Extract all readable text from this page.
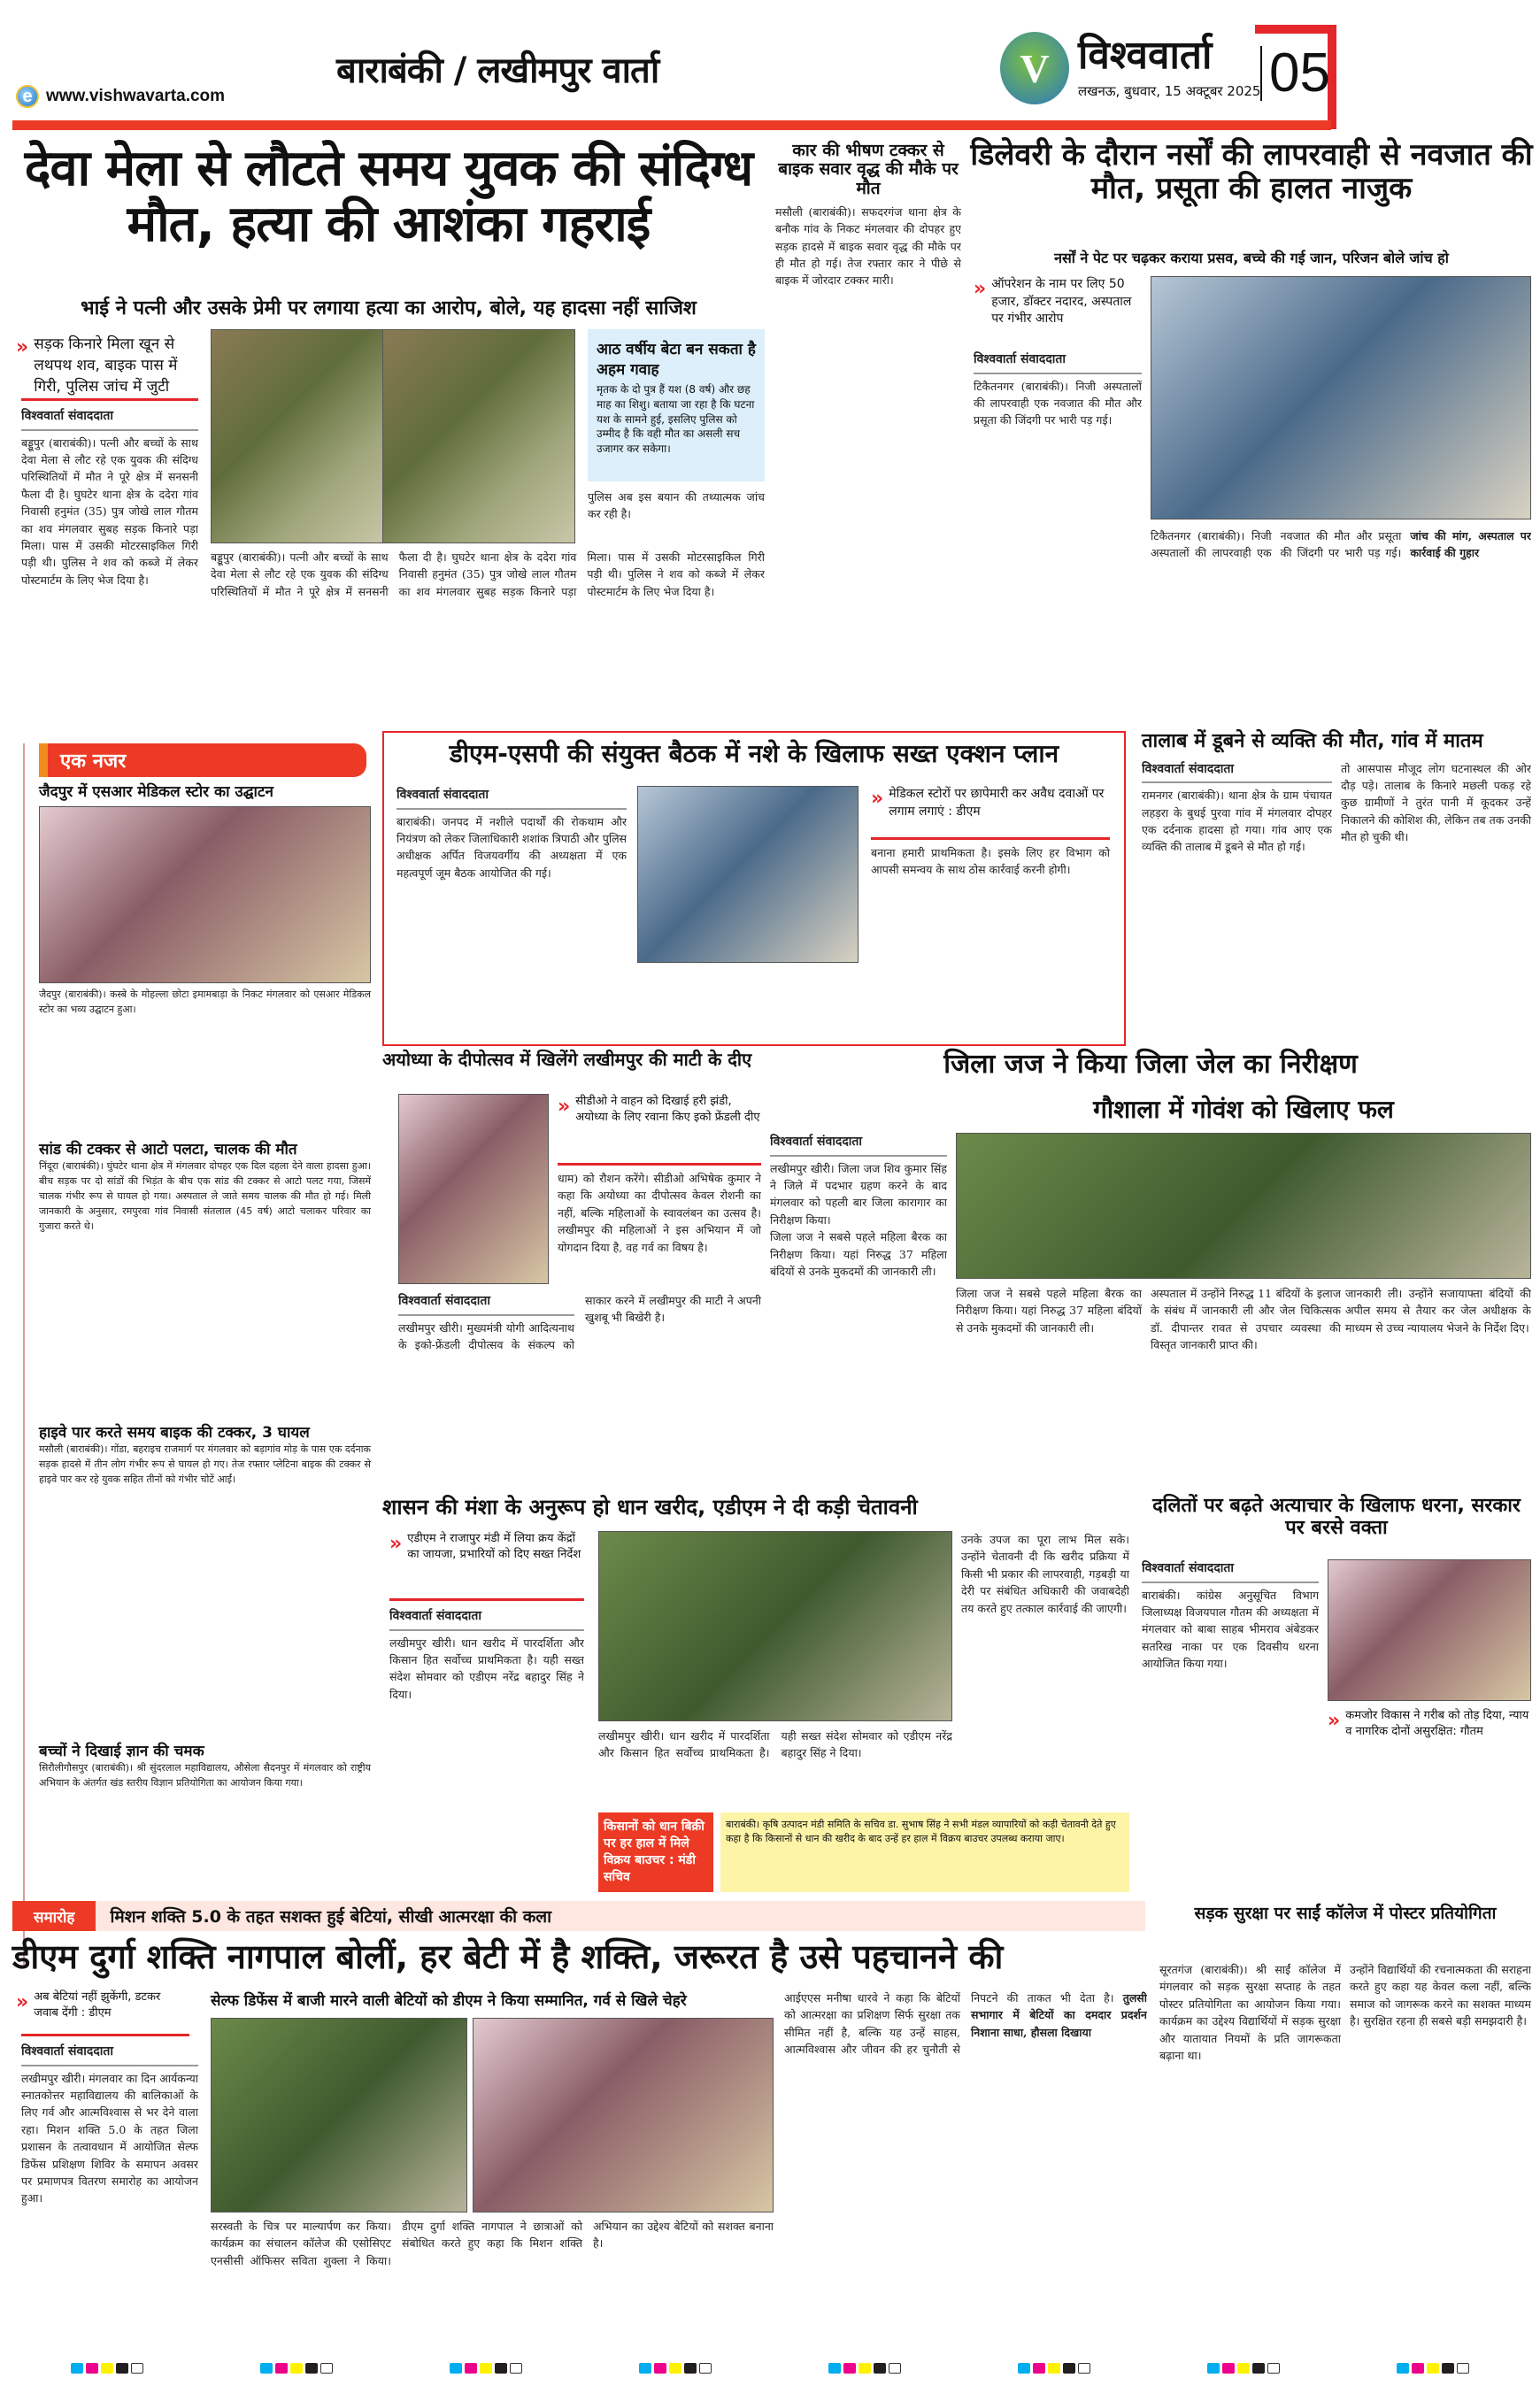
e www.vishwavarta.com
बाराबंकी / लखीमपुर वार्ता	V विश्ववार्ता
लखनऊ, बुधवार, 15 अक्टूबर 2025 05
देवा मेला से लौटते समय युवक की संदिग्ध मौत, हत्या की आशंका गहराई
भाई ने पत्नी और उसके प्रेमी पर लगाया हत्या का आरोप, बोले, यह हादसा नहीं साजिश
» सड़क किनारे मिला खून से लथपथ शव, बाइक पास में गिरी, पुलिस जांच में जुटी
विश्ववार्ता संवाददाता
बड्डूपुर (बाराबंकी)। पत्नी और बच्चों के साथ देवा मेला से लौट रहे एक युवक की संदिग्ध परिस्थितियों में मौत ने पूरे क्षेत्र में सनसनी फैला दी है। घुघटेर थाना क्षेत्र के ददेरा गांव निवासी हनुमंत (35) पुत्र जोखे लाल गौतम का शव मंगलवार सुबह सड़क किनारे पड़ा मिला। पास में उसकी मोटरसाइकिल गिरी पड़ी थी। पुलिस ने शव को कब्जे में लेकर पोस्टमार्टम के लिए भेज दिया है।
आठ वर्षीय बेटा बन सकता है अहम गवाह
मृतक के दो पुत्र हैं यश (8 वर्ष) और छह माह का शिशु। बताया जा रहा है कि घटना यश के सामने हुई, इसलिए पुलिस को उम्मीद है कि वही मौत का असली सच उजागर कर सकेगा।
पुलिस अब इस बयान की तथ्यात्मक जांच कर रही है।
बड्डूपुर (बाराबंकी)। पत्नी और बच्चों के साथ देवा मेला से लौट रहे एक युवक की संदिग्ध परिस्थितियों में मौत ने पूरे क्षेत्र में सनसनी फैला दी है। घुघटेर थाना क्षेत्र के ददेरा गांव निवासी हनुमंत (35) पुत्र जोखे लाल गौतम का शव मंगलवार सुबह सड़क किनारे पड़ा मिला। पास में उसकी मोटरसाइकिल गिरी पड़ी थी। पुलिस ने शव को कब्जे में लेकर पोस्टमार्टम के लिए भेज दिया है।
कार की भीषण टक्कर से बाइक सवार वृद्ध की मौके पर मौत
मसौली (बाराबंकी)। सफदरगंज थाना क्षेत्र के बनौक गांव के निकट मंगलवार की दोपहर हुए सड़क हादसे में बाइक सवार वृद्ध की मौके पर ही मौत हो गई। तेज रफ्तार कार ने पीछे से बाइक में जोरदार टक्कर मारी।
डिलेवरी के दौरान नर्सों की लापरवाही से नवजात की मौत, प्रसूता की हालत नाजुक
नर्सों ने पेट पर चढ़कर कराया प्रसव, बच्चे की गई जान, परिजन बोले जांच हो
» ऑपरेशन के नाम पर लिए 50 हजार, डॉक्टर नदारद, अस्पताल पर गंभीर आरोप
विश्ववार्ता संवाददाता
टिकैतनगर (बाराबंकी)। निजी अस्पतालों की लापरवाही एक नवजात की मौत और प्रसूता की जिंदगी पर भारी पड़ गई।
टिकैतनगर (बाराबंकी)। निजी अस्पतालों की लापरवाही एक नवजात की मौत और प्रसूता की जिंदगी पर भारी पड़ गई। जांच की मांग, अस्पताल पर कार्रवाई की गुहार
एक नजर
जैदपुर में एसआर मेडिकल स्टोर का उद्घाटन
जैदपुर (बाराबंकी)। कस्बे के मोहल्ला छोटा इमामबाड़ा के निकट मंगलवार को एसआर मेडिकल स्टोर का भव्य उद्घाटन हुआ।
सांड की टक्कर से आटो पलटा, चालक की मौत
निंदूरा (बाराबंकी)। घुंघटेर थाना क्षेत्र में मंगलवार दोपहर एक दिल दहला देने वाला हादसा हुआ। बीच सड़क पर दो सांडों की भिड़ंत के बीच एक सांड की टक्कर से आटो पलट गया, जिसमें चालक गंभीर रूप से घायल हो गया। अस्पताल ले जाते समय चालक की मौत हो गई। मिली जानकारी के अनुसार, रमपुरवा गांव निवासी संतलाल (45 वर्ष) आटो चलाकर परिवार का गुजारा करते थे।
हाइवे पार करते समय बाइक की टक्कर, 3 घायल
मसौली (बाराबंकी)। गोंडा, बहराइच राजमार्ग पर मंगलवार को बड़ागांव मोड़ के पास एक दर्दनाक सड़क हादसे में तीन लोग गंभीर रूप से घायल हो गए। तेज रफ्तार प्लेटिना बाइक की टक्कर से हाइवे पार कर रहे युवक सहित तीनों को गंभीर चोटें आईं।
बच्चों ने दिखाई ज्ञान की चमक
सिरौलीगौसपुर (बाराबंकी)। श्री सुंदरलाल महाविद्यालय, औसेला सैदनपुर में मंगलवार को राष्ट्रीय अभियान के अंतर्गत खंड स्तरीय विज्ञान प्रतियोगिता का आयोजन किया गया।
डीएम-एसपी की संयुक्त बैठक में नशे के खिलाफ सख्त एक्शन प्लान
विश्ववार्ता संवाददाता
बाराबंकी। जनपद में नशीले पदार्थों की रोकथाम और नियंत्रण को लेकर जिलाधिकारी शशांक त्रिपाठी और पुलिस अधीक्षक अर्पित विजयवर्गीय की अध्यक्षता में एक महत्वपूर्ण जूम बैठक आयोजित की गई।
» मेडिकल स्टोरों पर छापेमारी कर अवैध दवाओं पर लगाम लगाएं : डीएम
बनाना हमारी प्राथमिकता है। इसके लिए हर विभाग को आपसी समन्वय के साथ ठोस कार्रवाई करनी होगी।
तालाब में डूबने से व्यक्ति की मौत, गांव में मातम
विश्ववार्ता संवाददाता
रामनगर (बाराबंकी)। थाना क्षेत्र के ग्राम पंचायत लहड़रा के बुधई पुरवा गांव में मंगलवार दोपहर एक दर्दनाक हादसा हो गया। गांव आए एक व्यक्ति की तालाब में डूबने से मौत हो गई।
तो आसपास मौजूद लोग घटनास्थल की ओर दौड़ पड़े। तालाब के किनारे मछली पकड़ रहे कुछ ग्रामीणों ने तुरंत पानी में कूदकर उन्हें निकालने की कोशिश की, लेकिन तब तक उनकी मौत हो चुकी थी।
अयोध्या के दीपोत्सव में खिलेंगे लखीमपुर की माटी के दीए
» सीडीओ ने वाहन को दिखाई हरी झंडी, अयोध्या के लिए रवाना किए इको फ्रेंडली दीए
धाम) को रौशन करेंगे। सीडीओ अभिषेक कुमार ने कहा कि अयोध्या का दीपोत्सव केवल रोशनी का नहीं, बल्कि महिलाओं के स्वावलंबन का उत्सव है। लखीमपुर की महिलाओं ने इस अभियान में जो योगदान दिया है, वह गर्व का विषय है।
विश्ववार्ता संवाददाता
लखीमपुर खीरी। मुख्यमंत्री योगी आदित्यनाथ के इको-फ्रेंडली दीपोत्सव के संकल्प को साकार करने में लखीमपुर की माटी ने अपनी खुशबू भी बिखेरी है।
जिला जज ने किया जिला जेल का निरीक्षण
गौशाला में गोवंश को खिलाए फल
विश्ववार्ता संवाददाता
लखीमपुर खीरी। जिला जज शिव कुमार सिंह ने जिले में पदभार ग्रहण करने के बाद मंगलवार को पहली बार जिला कारागार का निरीक्षण किया।
जिला जज ने सबसे पहले महिला बैरक का निरीक्षण किया। यहां निरुद्ध 37 महिला बंदियों से उनके मुकदमों की जानकारी ली।
जिला जज ने सबसे पहले महिला बैरक का निरीक्षण किया। यहां निरुद्ध 37 महिला बंदियों से उनके मुकदमों की जानकारी ली।
अस्पताल में उन्होंने निरुद्ध 11 बंदियों के इलाज के संबंध में जानकारी ली और जेल चिकित्सक डॉ. दीपान्तर रावत से उपचार व्यवस्था की विस्तृत जानकारी प्राप्त की।
जानकारी ली। उन्होंने सजायाफ्ता बंदियों की अपील समय से तैयार कर जेल अधीक्षक के माध्यम से उच्च न्यायालय भेजने के निर्देश दिए।
शासन की मंशा के अनुरूप हो धान खरीद, एडीएम ने दी कड़ी चेतावनी
» एडीएम ने राजापुर मंडी में लिया क्रय केंद्रों का जायजा, प्रभारियों को दिए सख्त निर्देश
विश्ववार्ता संवाददाता
लखीमपुर खीरी। धान खरीद में पारदर्शिता और किसान हित सर्वोच्च प्राथमिकता है। यही सख्त संदेश सोमवार को एडीएम नरेंद्र बहादुर सिंह ने दिया।
लखीमपुर खीरी। धान खरीद में पारदर्शिता और किसान हित सर्वोच्च प्राथमिकता है। यही सख्त संदेश सोमवार को एडीएम नरेंद्र बहादुर सिंह ने दिया।
उनके उपज का पूरा लाभ मिल सके। उन्होंने चेतावनी दी कि खरीद प्रक्रिया में किसी भी प्रकार की लापरवाही, गड़बड़ी या देरी पर संबंधित अधिकारी की जवाबदेही तय करते हुए तत्काल कार्रवाई की जाएगी।
किसानों को धान बिक्री पर हर हाल में मिले विक्रय बाउचर : मंडी सचिव
बाराबंकी। कृषि उत्पादन मंडी समिति के सचिव डा. सुभाष सिंह ने सभी मंडल व्यापारियों को कड़ी चेतावनी देते हुए कहा है कि किसानों से धान की खरीद के बाद उन्हें हर हाल में विक्रय बाउचर उपलब्ध कराया जाए।
दलितों पर बढ़ते अत्याचार के खिलाफ धरना, सरकार पर बरसे वक्ता
विश्ववार्ता संवाददाता
बाराबंकी। कांग्रेस अनुसूचित विभाग जिलाध्यक्ष विजयपाल गौतम की अध्यक्षता में मंगलवार को बाबा साहब भीमराव अंबेडकर सतरिख नाका पर एक दिवसीय धरना आयोजित किया गया।
» कमजोर विकास ने गरीब को तोड़ दिया, न्याय व नागरिक दोनों असुरक्षित: गौतम
समारोह	मिशन शक्ति 5.0 के तहत सशक्त हुई बेटियां, सीखी आत्मरक्षा की कला
डीएम दुर्गा शक्ति नागपाल बोलीं, हर बेटी में है शक्ति, जरूरत है उसे पहचानने की
» अब बेटियां नहीं झुकेंगी, डटकर जवाब देंगी : डीएम
विश्ववार्ता संवाददाता
लखीमपुर खीरी। मंगलवार का दिन आर्यकन्या स्नातकोत्तर महाविद्यालय की बालिकाओं के लिए गर्व और आत्मविश्वास से भर देने वाला रहा। मिशन शक्ति 5.0 के तहत जिला प्रशासन के तत्वावधान में आयोजित सेल्फ डिफेंस प्रशिक्षण शिविर के समापन अवसर पर प्रमाणपत्र वितरण समारोह का आयोजन हुआ।
सेल्फ डिफेंस में बाजी मारने वाली बेटियों को डीएम ने किया सम्मानित, गर्व से खिले चेहरे
सरस्वती के चित्र पर माल्यार्पण कर किया। कार्यक्रम का संचालन कॉलेज की एसोसिएट एनसीसी ऑफिसर सविता शुक्ला ने किया। डीएम दुर्गा शक्ति नागपाल ने छात्राओं को संबोधित करते हुए कहा कि मिशन शक्ति अभियान का उद्देश्य बेटियों को सशक्त बनाना है।
आईएएस मनीषा धारवे ने कहा कि बेटियों को आत्मरक्षा का प्रशिक्षण सिर्फ सुरक्षा तक सीमित नहीं है, बल्कि यह उन्हें साहस, आत्मविश्वास और जीवन की हर चुनौती से निपटने की ताकत भी देता है। तुलसी सभागार में बेटियों का दमदार प्रदर्शन निशाना साधा, हौसला दिखाया
सड़क सुरक्षा पर साईं कॉलेज में पोस्टर प्रतियोगिता
सूरतगंज (बाराबंकी)। श्री साईं कॉलेज में मंगलवार को सड़क सुरक्षा सप्ताह के तहत पोस्टर प्रतियोगिता का आयोजन किया गया। कार्यक्रम का उद्देश्य विद्यार्थियों में सड़क सुरक्षा और यातायात नियमों के प्रति जागरूकता बढ़ाना था।
उन्होंने विद्यार्थियों की रचनात्मकता की सराहना करते हुए कहा यह केवल कला नहीं, बल्कि समाज को जागरूक करने का सशक्त माध्यम है। सुरक्षित रहना ही सबसे बड़ी समझदारी है।
